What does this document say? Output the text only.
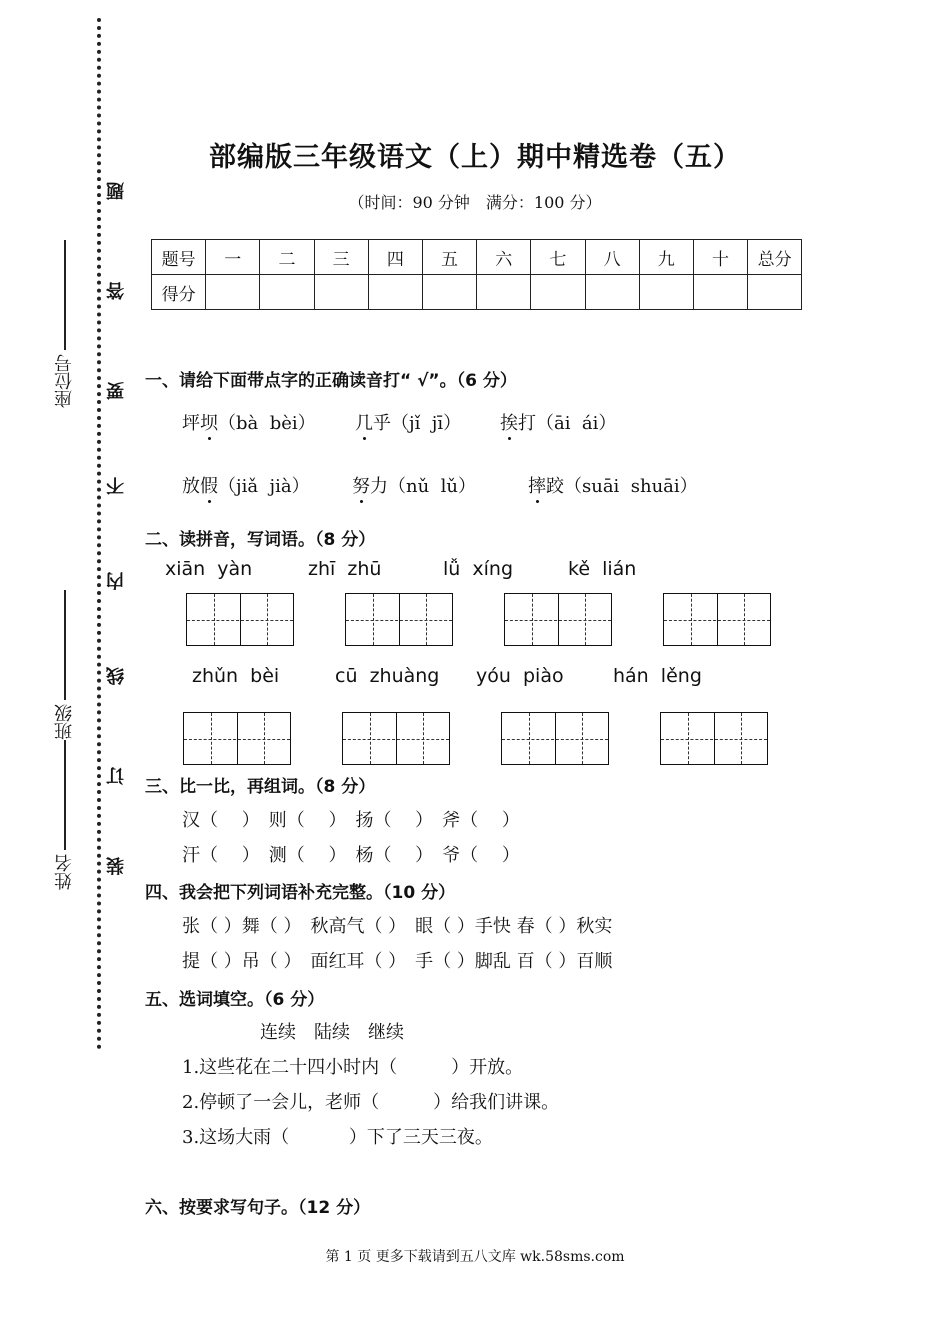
题
答
要
不
内
线
订
装
座位号
班级
姓名
部编版三年级语文（上）期中精选卷（五）
（时间：90 分钟　满分：100 分）
题号	一	二	三	四	五	六	七	八	九	十	总分
得分											
一、请给下面带点字的正确读音打“ √”。（6 分）
坪坝（bà  bèi） 几乎（jǐ  jī） 挨打（āi  ái）
放假（jiǎ  jià） 努力（nǔ  lǔ）	摔跤（suāi  shuāi）
二、读拼音，写词语。（8 分）
xiān  yàn	zhī  zhū	lǚ  xíng	kě  lián
zhǔn  bèi	cū  zhuàng yóu  piào	hán  lěng
三、比一比，再组词。（8 分）
汉（　 ）　则（　 ）　扬（　 ）　斧（　 ）
汗（　 ）　测（　 ）　杨（　 ）　爷（　 ）
四、我会把下列词语补充完整。（10 分）
张（ ）舞（ ）　秋高气（ ）　眼（ ）手快 春（ ）秋实
提（ ）吊（ ）　面红耳（ ）　手（ ）脚乱 百（ ）百顺
五、选词填空。（6 分）
连续　陆续　继续
1.这些花在二十四小时内（　　　）开放。
2.停顿了一会儿，老师（　　　）给我们讲课。
3.这场大雨（　　　 ）下了三天三夜。
六、按要求写句子。（12 分）
第 1 页 更多下载请到五八文库 wk.58sms.com
